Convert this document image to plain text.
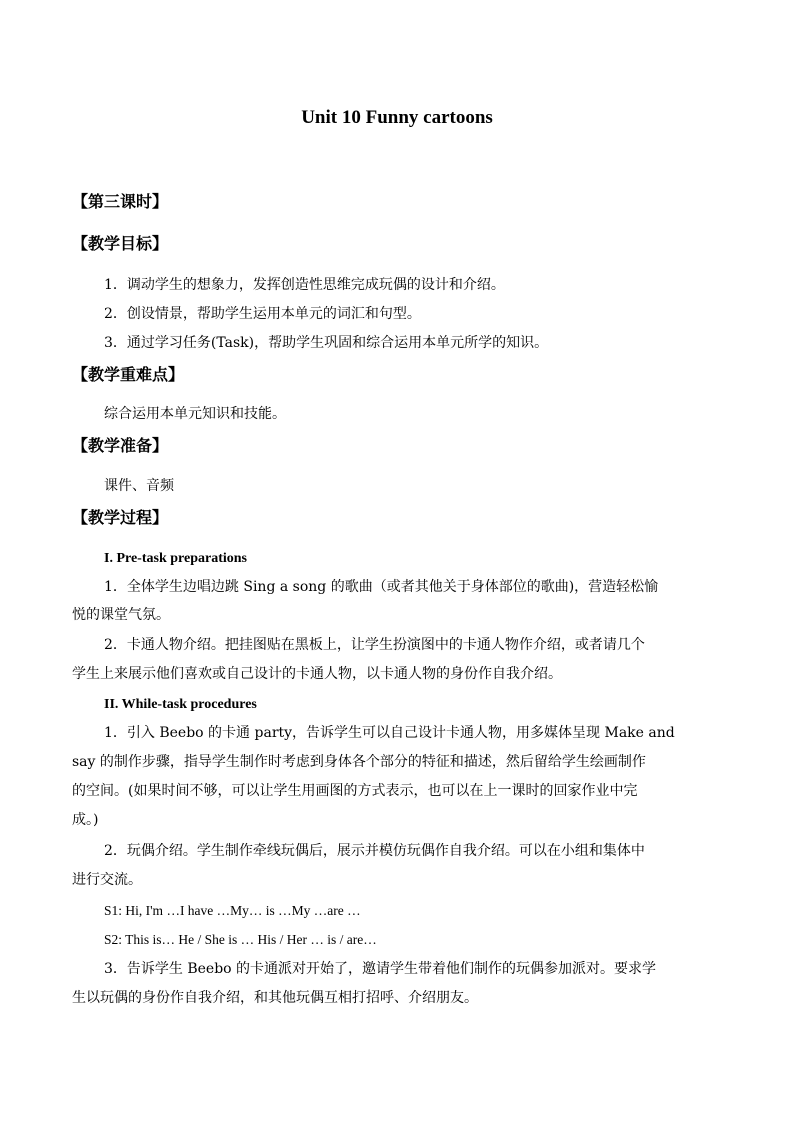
Unit 10 Funny cartoons
【第三课时】
【教学目标】
1．调动学生的想象力，发挥创造性思维完成玩偶的设计和介绍。
2．创设情景，帮助学生运用本单元的词汇和句型。
3．通过学习任务(Task)，帮助学生巩固和综合运用本单元所学的知识。
【教学重难点】
综合运用本单元知识和技能。
【教学准备】
课件、音频
【教学过程】
I. Pre-task preparations
1．全体学生边唱边跳 Sing a song 的歌曲（或者其他关于身体部位的歌曲)，营造轻松愉
悦的课堂气氛。
2．卡通人物介绍。把挂图贴在黑板上，让学生扮演图中的卡通人物作介绍，或者请几个
学生上来展示他们喜欢或自己设计的卡通人物，以卡通人物的身份作自我介绍。
II. While-task procedures
1．引入 Beebo 的卡通 party，告诉学生可以自己设计卡通人物，用多媒体呈现 Make and
say 的制作步骤，指导学生制作时考虑到身体各个部分的特征和描述，然后留给学生绘画制作
的空间。(如果时间不够，可以让学生用画图的方式表示，也可以在上一课时的回家作业中完
成。)
2．玩偶介绍。学生制作牵线玩偶后，展示并模仿玩偶作自我介绍。可以在小组和集体中
进行交流。
S1: Hi, I'm …I have …My… is …My …are …
S2: This is… He / She is … His / Her … is / are…
3．告诉学生 Beebo 的卡通派对开始了，邀请学生带着他们制作的玩偶参加派对。要求学
生以玩偶的身份作自我介绍，和其他玩偶互相打招呼、介绍朋友。
